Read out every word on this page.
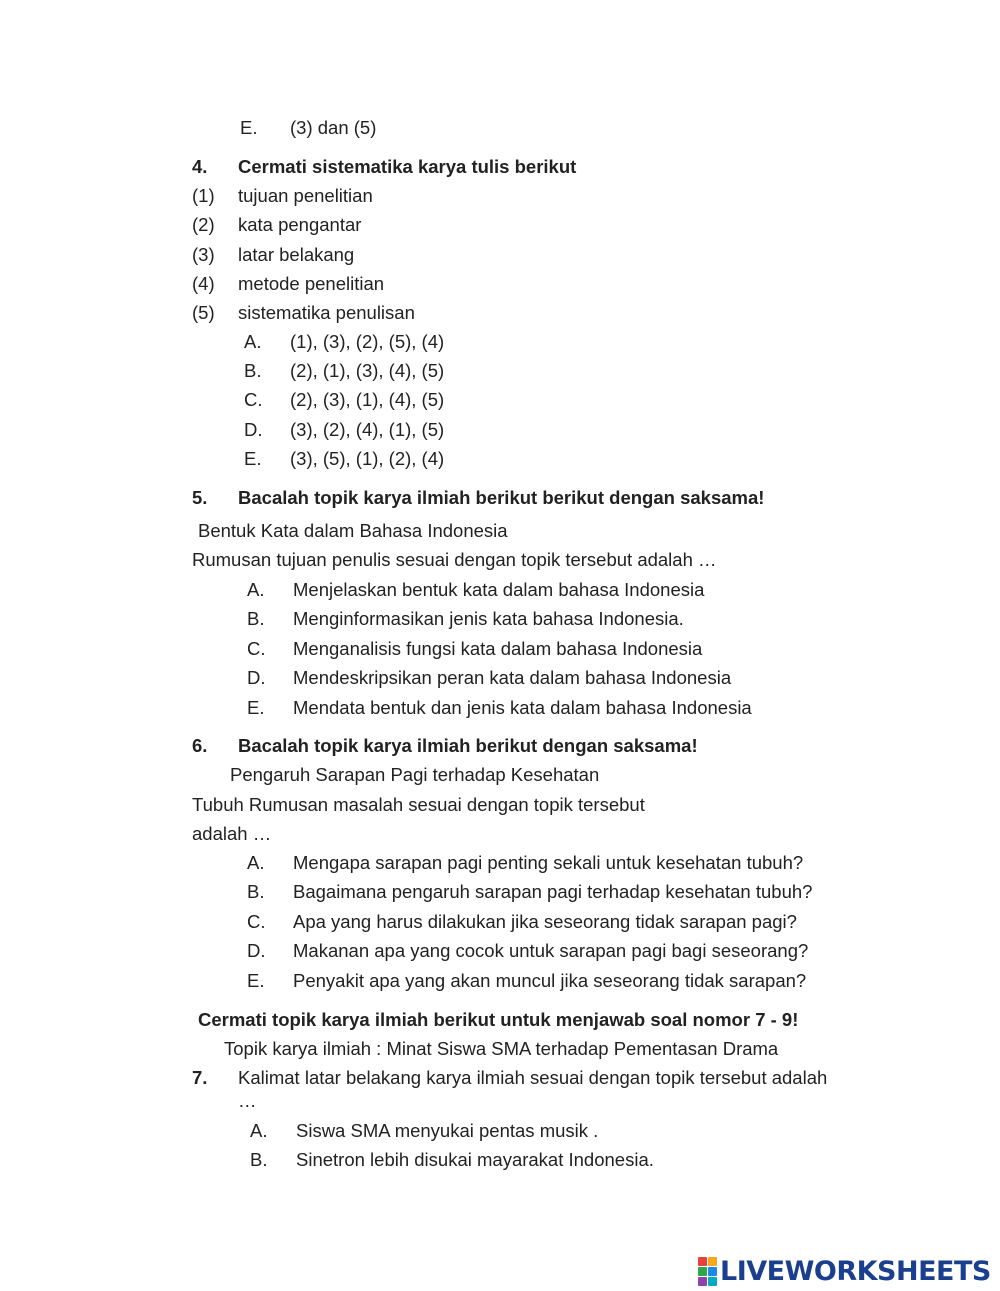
E. (3) dan (5)
4. Cermati sistematika karya tulis berikut
(1) tujuan penelitian
(2) kata pengantar
(3) latar belakang
(4) metode penelitian
(5) sistematika penulisan
A. (1), (3), (2), (5), (4)
B. (2), (1), (3), (4), (5)
C. (2), (3), (1), (4), (5)
D. (3), (2), (4), (1), (5)
E. (3), (5), (1), (2), (4)
5. Bacalah topik karya ilmiah berikut berikut dengan saksama!
Bentuk Kata dalam Bahasa Indonesia
Rumusan tujuan penulis sesuai dengan topik tersebut adalah …
A. Menjelaskan bentuk kata dalam bahasa Indonesia
B. Menginformasikan jenis kata bahasa Indonesia.
C. Menganalisis fungsi kata dalam bahasa Indonesia
D. Mendeskripsikan peran kata dalam bahasa Indonesia
E. Mendata bentuk dan jenis kata dalam bahasa Indonesia
6. Bacalah topik karya ilmiah berikut dengan saksama!
Pengaruh Sarapan Pagi terhadap Kesehatan
Tubuh Rumusan masalah sesuai dengan topik tersebut
adalah …
A. Mengapa sarapan pagi penting sekali untuk kesehatan tubuh?
B. Bagaimana pengaruh sarapan pagi terhadap kesehatan tubuh?
C. Apa yang harus dilakukan jika seseorang tidak sarapan pagi?
D. Makanan apa yang cocok untuk sarapan pagi bagi seseorang?
E. Penyakit apa yang akan muncul jika seseorang tidak sarapan?
Cermati topik karya ilmiah berikut untuk menjawab soal nomor 7 - 9!
Topik karya ilmiah : Minat Siswa SMA terhadap Pementasan Drama
7. Kalimat latar belakang karya ilmiah sesuai dengan topik tersebut adalah
…
A. Siswa SMA menyukai pentas musik .
B. Sinetron lebih disukai mayarakat Indonesia.
LIVEWORKSHEETS
